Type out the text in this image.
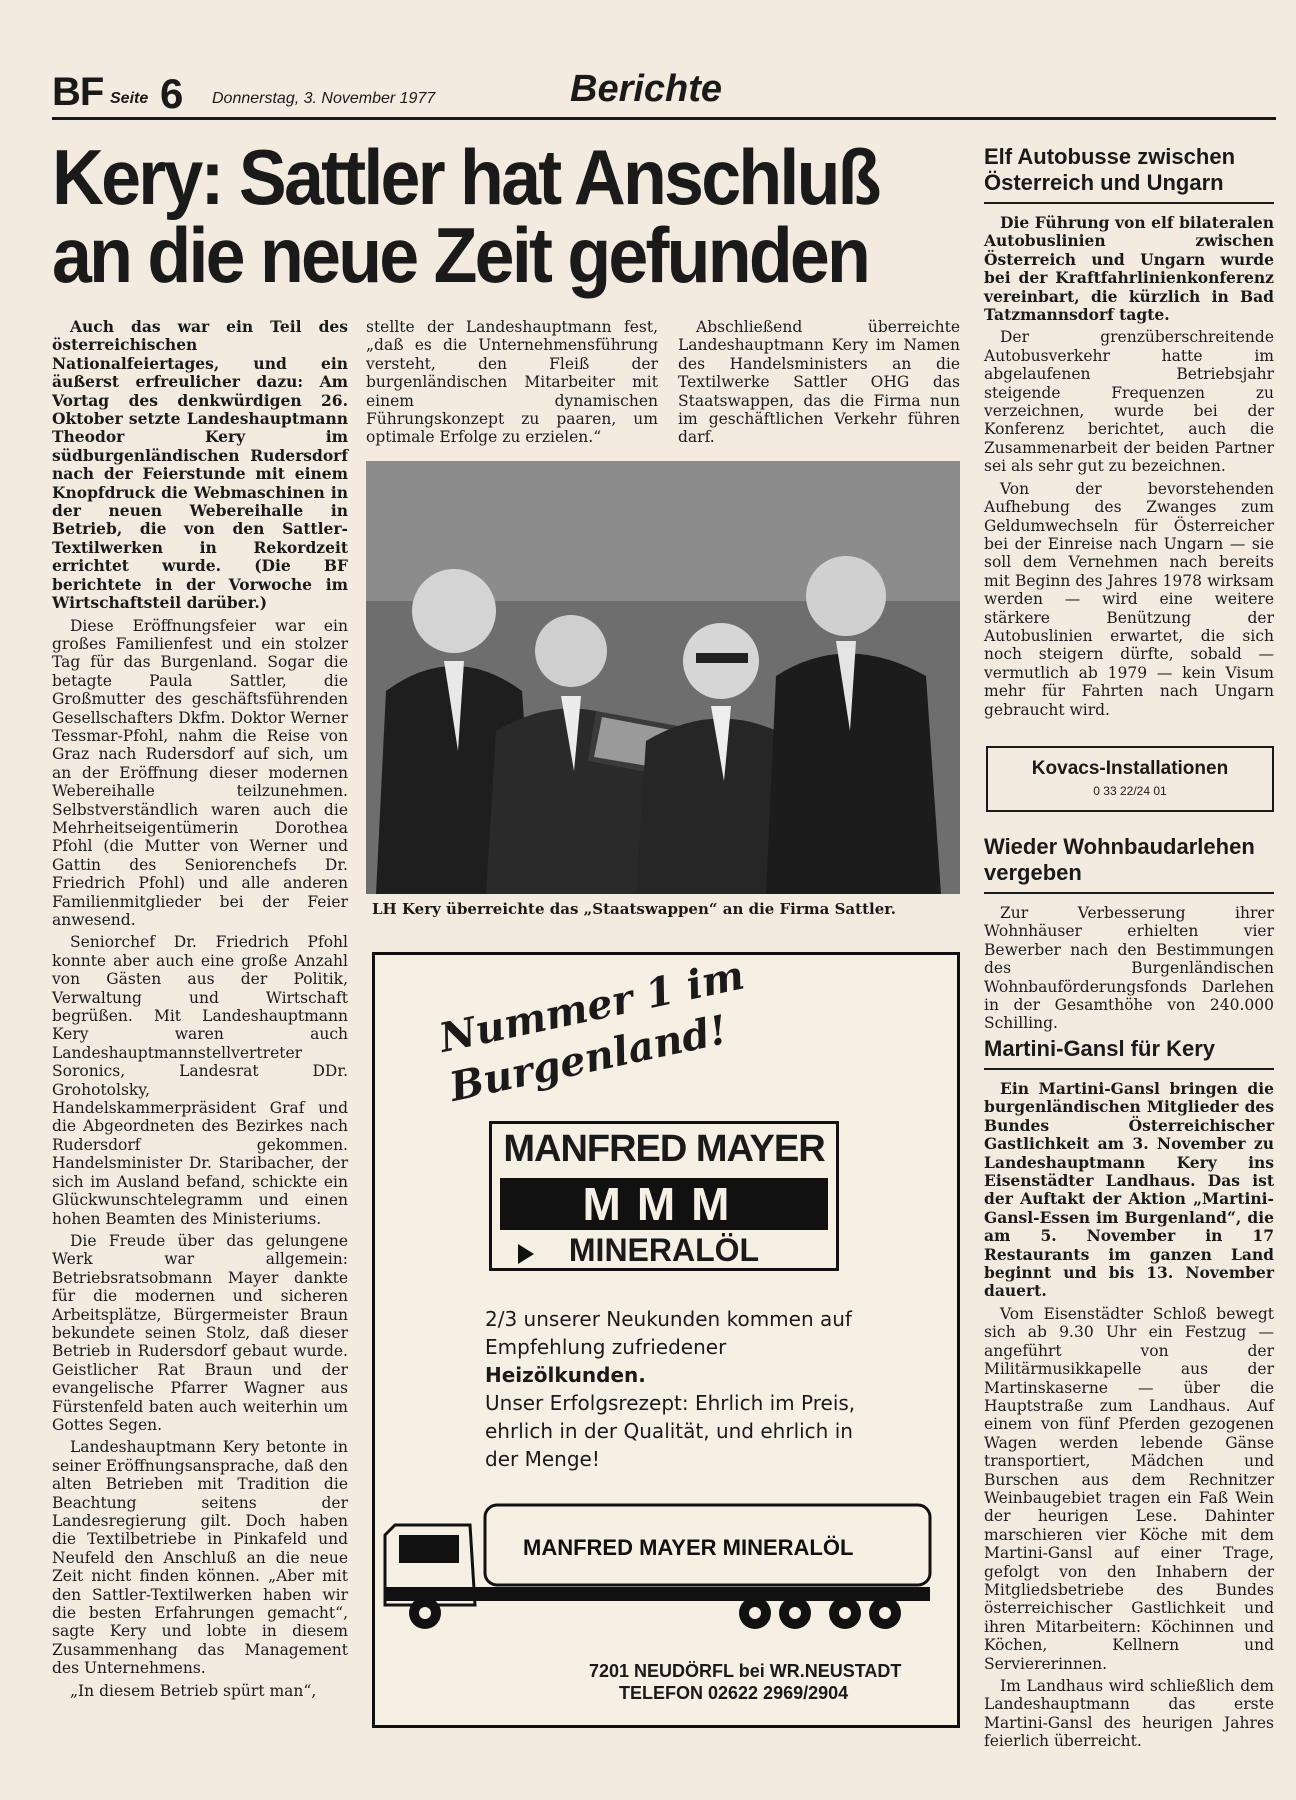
BF Seite 6 Donnerstag, 3. November 1977	Berichte
Kery: Sattler hat Anschluß
an die neue Zeit gefunden

Auch das war ein Teil des österreichischen Nationalfeiertages, und ein äußerst erfreulicher dazu: Am Vortag des denkwürdigen 26. Oktober setzte Landeshauptmann Theodor Kery im südburgenländischen Rudersdorf nach der Feierstunde mit einem Knopfdruck die Webmaschinen in der neuen Webereihalle in Betrieb, die von den Sattler-Textilwerken in Rekordzeit errichtet wurde. (Die BF berichtete in der Vorwoche im Wirtschaftsteil darüber.)

Diese Eröffnungsfeier war ein großes Familienfest und ein stolzer Tag für das Burgenland. Sogar die betagte Paula Sattler, die Großmutter des geschäftsführenden Gesellschafters Dkfm. Doktor Werner Tessmar-Pfohl, nahm die Reise von Graz nach Rudersdorf auf sich, um an der Eröffnung dieser modernen Webereihalle teilzunehmen. Selbstverständlich waren auch die Mehrheitseigentümerin Dorothea Pfohl (die Mutter von Werner und Gattin des Seniorenchefs Dr. Friedrich Pfohl) und alle anderen Familienmitglieder bei der Feier anwesend.

Seniorchef Dr. Friedrich Pfohl konnte aber auch eine große Anzahl von Gästen aus der Politik, Verwaltung und Wirtschaft begrüßen. Mit Landeshauptmann Kery waren auch Landeshauptmannstellvertreter Soronics, Landesrat DDr. Grohotolsky, Handelskammerpräsident Graf und die Abgeordneten des Bezirkes nach Rudersdorf gekommen. Handelsminister Dr. Staribacher, der sich im Ausland befand, schickte ein Glückwunschtelegramm und einen hohen Beamten des Ministeriums.

Die Freude über das gelungene Werk war allgemein: Betriebsratsobmann Mayer dankte für die modernen und sicheren Arbeitsplätze, Bürgermeister Braun bekundete seinen Stolz, daß dieser Betrieb in Rudersdorf gebaut wurde. Geistlicher Rat Braun und der evangelische Pfarrer Wagner aus Fürstenfeld baten auch weiterhin um Gottes Segen.

Landeshauptmann Kery betonte in seiner Eröffnungsansprache, daß den alten Betrieben mit Tradition die Beachtung seitens der Landesregierung gilt. Doch haben die Textilbetriebe in Pinkafeld und Neufeld den Anschluß an die neue Zeit nicht finden können. „Aber mit den Sattler-Textilwerken haben wir die besten Erfahrungen gemacht“, sagte Kery und lobte in diesem Zusammenhang das Management des Unternehmens.

„In diesem Betrieb spürt man“,

stellte der Landeshauptmann fest, „daß es die Unternehmensführung versteht, den Fleiß der burgenländischen Mitarbeiter mit einem dynamischen Führungskonzept zu paaren, um optimale Erfolge zu erzielen.“

Abschließend überreichte Landeshauptmann Kery im Namen des Handelsministers an die Textilwerke Sattler OHG das Staatswappen, das die Firma nun im geschäftlichen Verkehr führen darf.

LH Kery überreichte das „Staatswappen“ an die Firma Sattler.
Nummer 1 im Burgenland!
MANFRED MAYER
MMM
MINERALÖL
2/3 unserer Neukunden kommen auf Empfehlung zufriedener
Heizölkunden.
Unser Erfolgsrezept: Ehrlich im Preis, ehrlich in der Qualität, und ehrlich in der Menge!
MANFRED MAYER MINERALÖL
7201 NEUDÖRFL bei WR.NEUSTADT
TELEFON 02622 2969/2904
Elf Autobusse zwischen Österreich und Ungarn

Die Führung von elf bilateralen Autobuslinien zwischen Österreich und Ungarn wurde bei der Kraftfahrlinienkonferenz vereinbart, die kürzlich in Bad Tatzmannsdorf tagte.

Der grenzüberschreitende Autobusverkehr hatte im abgelaufenen Betriebsjahr steigende Frequenzen zu verzeichnen, wurde bei der Konferenz berichtet, auch die Zusammenarbeit der beiden Partner sei als sehr gut zu bezeichnen.

Von der bevorstehenden Aufhebung des Zwanges zum Geldumwechseln für Österreicher bei der Einreise nach Ungarn — sie soll dem Vernehmen nach bereits mit Beginn des Jahres 1978 wirksam werden — wird eine weitere stärkere Benützung der Autobuslinien erwartet, die sich noch steigern dürfte, sobald — vermutlich ab 1979 — kein Visum mehr für Fahrten nach Ungarn gebraucht wird.

Kovacs-Installationen
0 33 22/24 01
Wieder Wohnbaudarlehen vergeben

Zur Verbesserung ihrer Wohnhäuser erhielten vier Bewerber nach den Bestimmungen des Burgenländischen Wohnbauförderungsfonds Darlehen in der Gesamthöhe von 240.000 Schilling.

Martini-Gansl für Kery

Ein Martini-Gansl bringen die burgenländischen Mitglieder des Bundes Österreichischer Gastlichkeit am 3. November zu Landeshauptmann Kery ins Eisenstädter Landhaus. Das ist der Auftakt der Aktion „Martini-Gansl-Essen im Burgenland“, die am 5. November in 17 Restaurants im ganzen Land beginnt und bis 13. November dauert.

Vom Eisenstädter Schloß bewegt sich ab 9.30 Uhr ein Festzug — angeführt von der Militärmusikkapelle aus der Martinskaserne — über die Hauptstraße zum Landhaus. Auf einem von fünf Pferden gezogenen Wagen werden lebende Gänse transportiert, Mädchen und Burschen aus dem Rechnitzer Weinbaugebiet tragen ein Faß Wein der heurigen Lese. Dahinter marschieren vier Köche mit dem Martini-Gansl auf einer Trage, gefolgt von den Inhabern der Mitgliedsbetriebe des Bundes österreichischer Gastlichkeit und ihren Mitarbeitern: Köchinnen und Köchen, Kellnern und Serviererinnen.

Im Landhaus wird schließlich dem Landeshauptmann das erste Martini-Gansl des heurigen Jahres feierlich überreicht.
